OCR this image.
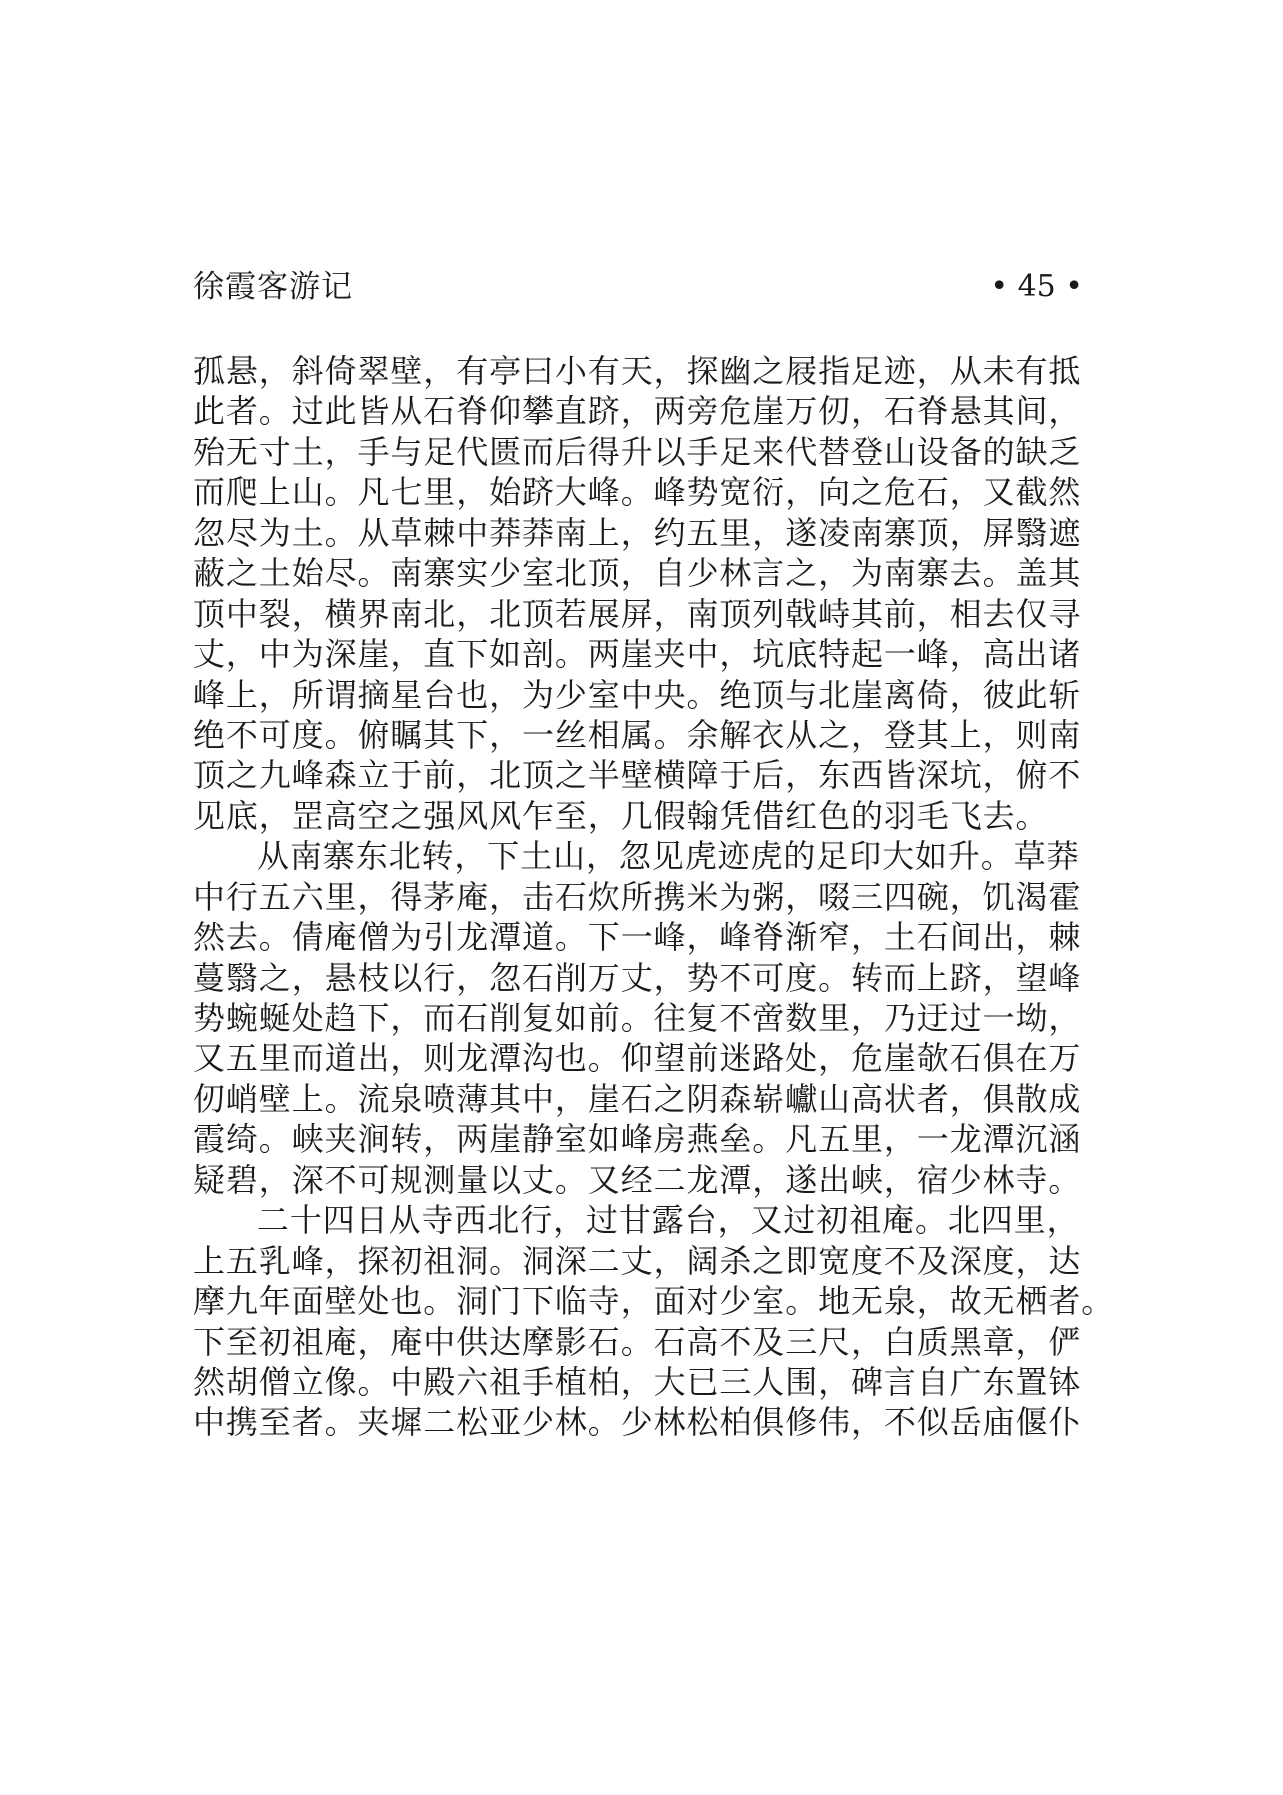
徐霞客游记	• 45 •
孤悬，斜倚翠壁，有亭曰小有天，探幽之屐指足迹，从未有抵
此者。过此皆从石脊仰攀直跻，两旁危崖万仞，石脊悬其间，
殆无寸土，手与足代匮而后得升以手足来代替登山设备的缺乏
而爬上山。凡七里，始跻大峰。峰势宽衍，向之危石，又截然
忽尽为土。从草棘中莽莽南上，约五里，遂凌南寨顶，屏翳遮
蔽之土始尽。南寨实少室北顶，自少林言之，为南寨去。盖其
顶中裂，横界南北，北顶若展屏，南顶列戟峙其前，相去仅寻
丈，中为深崖，直下如剖。两崖夹中，坑底特起一峰，高出诸
峰上，所谓摘星台也，为少室中央。绝顶与北崖离倚，彼此斩
绝不可度。俯瞩其下，一丝相属。余解衣从之，登其上，则南
顶之九峰森立于前，北顶之半壁横障于后，东西皆深坑，俯不
见底，罡高空之强风风乍至，几假翰凭借红色的羽毛飞去。
从南寨东北转，下土山，忽见虎迹虎的足印大如升。草莽
中行五六里，得茅庵，击石炊所携米为粥，啜三四碗，饥渴霍
然去。倩庵僧为引龙潭道。下一峰，峰脊渐窄，土石间出，棘
蔓翳之，悬枝以行，忽石削万丈，势不可度。转而上跻，望峰
势蜿蜒处趋下，而石削复如前。往复不啻数里，乃迂过一坳，
又五里而道出，则龙潭沟也。仰望前迷路处，危崖欹石俱在万
仞峭壁上。流泉喷薄其中，崖石之阴森崭巘山高状者，俱散成
霞绮。峡夹涧转，两崖静室如峰房燕垒。凡五里，一龙潭沉涵
疑碧，深不可规测量以丈。又经二龙潭，遂出峡，宿少林寺。
二十四日从寺西北行，过甘露台，又过初祖庵。北四里，
上五乳峰，探初祖洞。洞深二丈，阔杀之即宽度不及深度，达
摩九年面壁处也。洞门下临寺，面对少室。地无泉，故无栖者。
下至初祖庵，庵中供达摩影石。石高不及三尺，白质黑章，俨
然胡僧立像。中殿六祖手植柏，大已三人围，碑言自广东置钵
中携至者。夹墀二松亚少林。少林松柏俱修伟，不似岳庙偃仆
